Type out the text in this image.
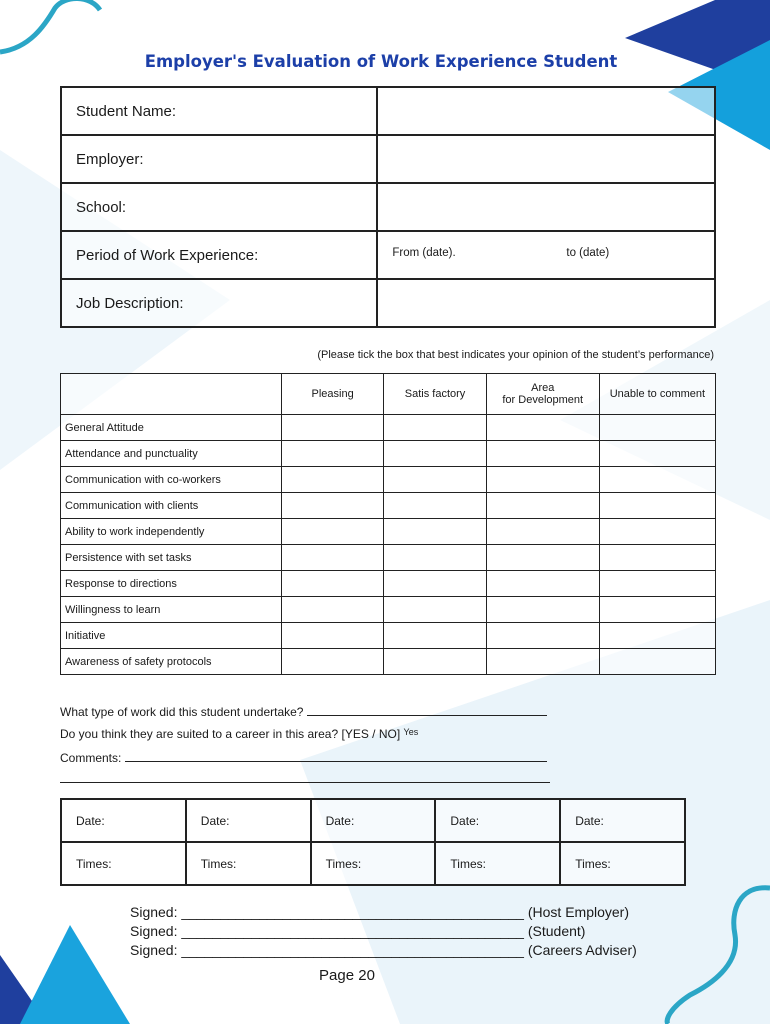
Employer's Evaluation of Work Experience Student
Student Name:	
Employer:	
School:	
Period of Work Experience:	From (date). to (date)
Job Description:	
(Please tick the box that best indicates your opinion of the student’s performance)
	Pleasing	Satis factory	Area
for Development	Unable to comment
General Attitude				
Attendance and punctuality				
Communication with co-workers				
Communication with clients				
Ability to work independently				
Persistence with set tasks				
Response to directions				
Willingness to learn				
Initiative				
Awareness of safety protocols				
What type of work did this student undertake?
Do you think they are suited to a career in this area? [YES / NO] $^{Yes}$
Comments:
Date:	Date:	Date:	Date:	Date:
Times:	Times:	Times:	Times:	Times:
Signed: ____________________________________________ (Host Employer)
Signed: ____________________________________________ (Student)
Signed: ____________________________________________ (Careers Adviser)
Page 20
